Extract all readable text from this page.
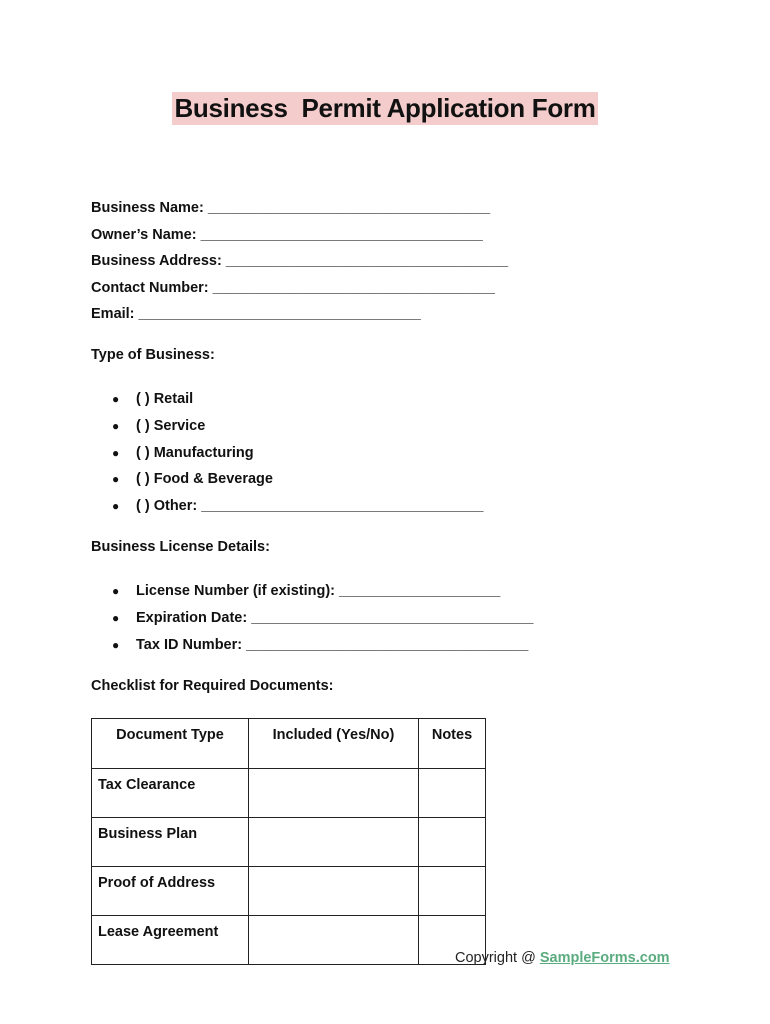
Business  Permit Application Form
Business Name: ___________________________________
Owner’s Name: ___________________________________
Business Address: ___________________________________
Contact Number: ___________________________________
Email: ___________________________________
Type of Business:
● ( ) Retail
● ( ) Service
● ( ) Manufacturing
● ( ) Food & Beverage
● ( ) Other: ___________________________________
Business License Details:
● License Number (if existing): ____________________
● Expiration Date: ___________________________________
● Tax ID Number: ___________________________________
Checklist for Required Documents:
Document Type	Included (Yes/No)	Notes
Tax Clearance		
Business Plan		
Proof of Address		
Lease Agreement		
Copyright @ SampleForms.com
